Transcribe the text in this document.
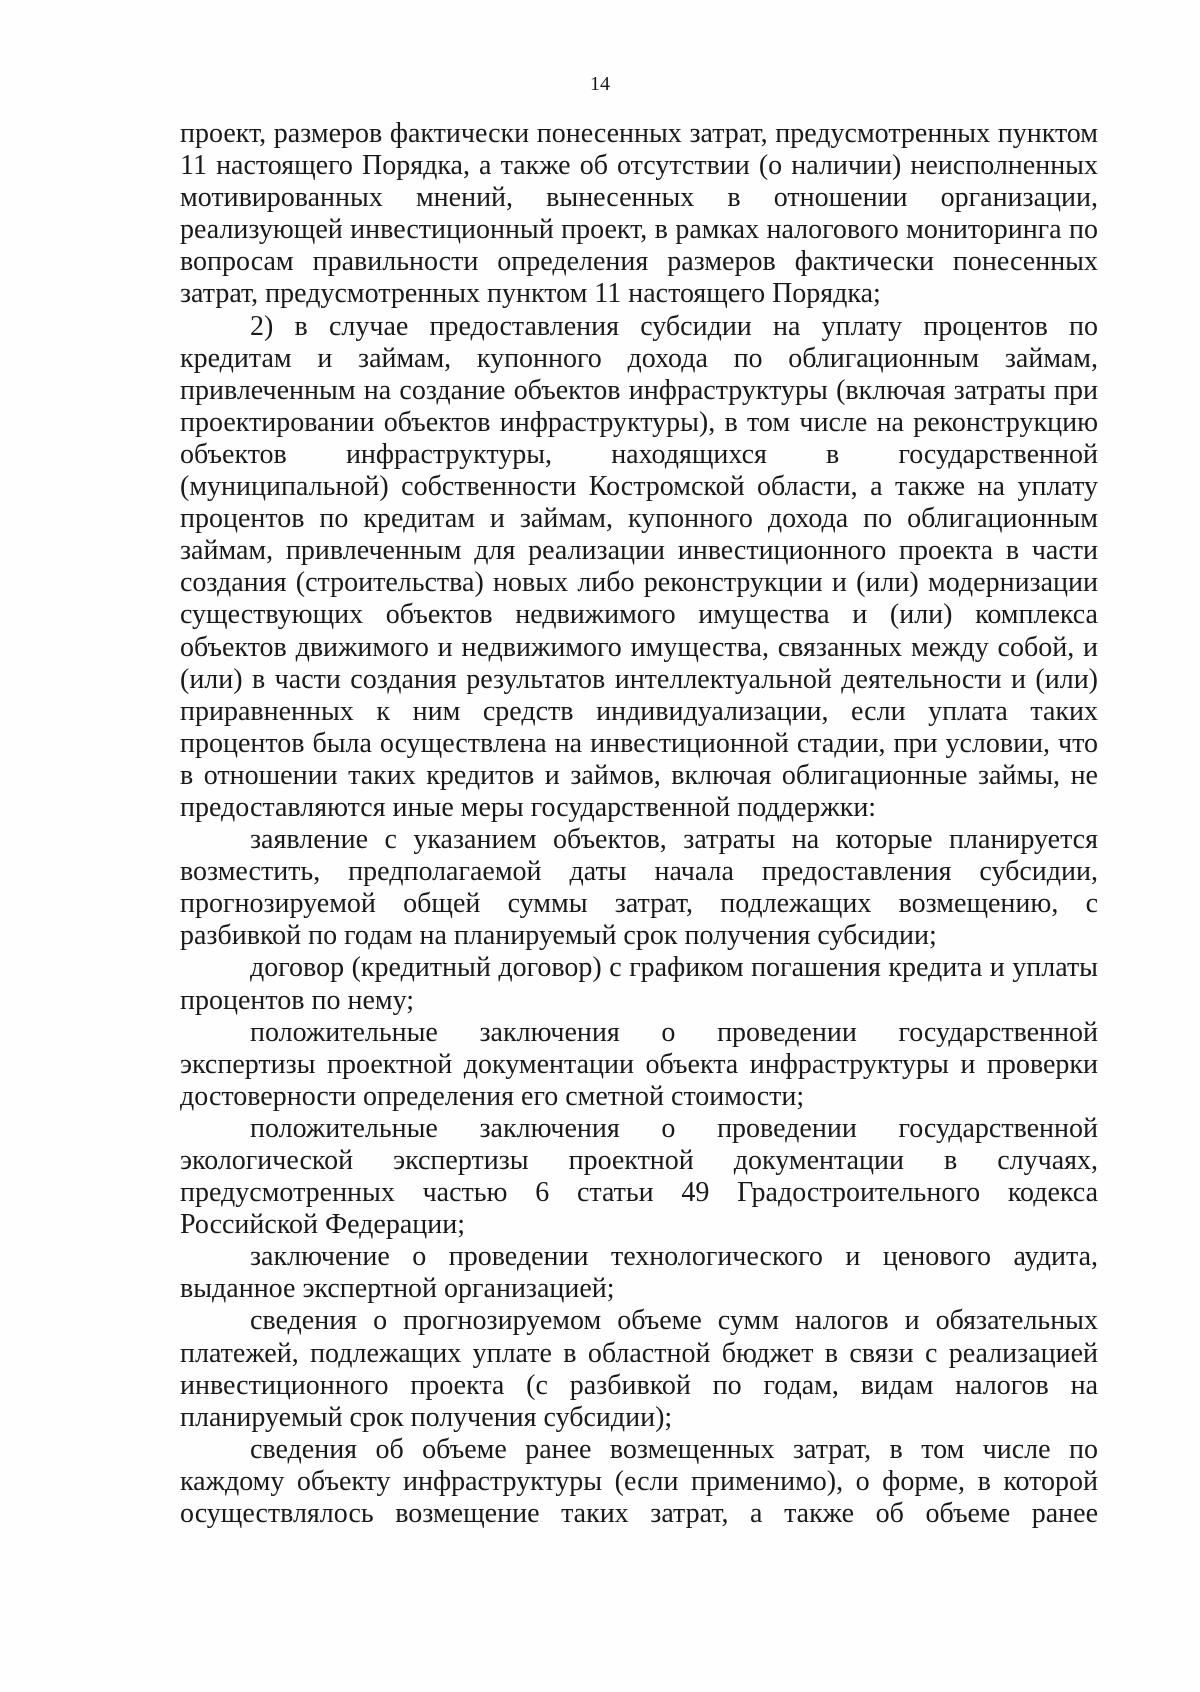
14

проект, размеров фактически понесенных затрат, предусмотренных пунктом 11 настоящего Порядка, а также об отсутствии (о наличии) неисполненных мотивированных мнений, вынесенных в отношении организации, реализующей инвестиционный проект, в рамках налогового мониторинга по вопросам правильности определения размеров фактически понесенных затрат, предусмотренных пунктом 11 настоящего Порядка;

2) в случае предоставления субсидии на уплату процентов по кредитам и займам, купонного дохода по облигационным займам, привлеченным на создание объектов инфраструктуры (включая затраты при проектировании объектов инфраструктуры), в том числе на реконструкцию объектов инфраструктуры, находящихся в государственной (муниципальной) собственности Костромской области, а также на уплату процентов по кредитам и займам, купонного дохода по облигационным займам, привлеченным для реализации инвестиционного проекта в части создания (строительства) новых либо реконструкции и (или) модернизации существующих объектов недвижимого имущества и (или) комплекса объектов движимого и недвижимого имущества, связанных между собой, и (или) в части создания результатов интеллектуальной деятельности и (или) приравненных к ним средств индивидуализации, если уплата таких процентов была осуществлена на инвестиционной стадии, при условии, что в отношении таких кредитов и займов, включая облигационные займы, не предоставляются иные меры государственной поддержки:

заявление с указанием объектов, затраты на которые планируется возместить, предполагаемой даты начала предоставления субсидии, прогнозируемой общей суммы затрат, подлежащих возмещению, с разбивкой по годам на планируемый срок получения субсидии;

договор (кредитный договор) с графиком погашения кредита и уплаты процентов по нему;

положительные заключения о проведении государственной экспертизы проектной документации объекта инфраструктуры и проверки достоверности определения его сметной стоимости;

положительные заключения о проведении государственной экологической экспертизы проектной документации в случаях, предусмотренных частью 6 статьи 49 Градостроительного кодекса Российской Федерации;

заключение о проведении технологического и ценового аудита, выданное экспертной организацией;

сведения о прогнозируемом объеме сумм налогов и обязательных платежей, подлежащих уплате в областной бюджет в связи с реализацией инвестиционного проекта (с разбивкой по годам, видам налогов на планируемый срок получения субсидии);

сведения об объеме ранее возмещенных затрат, в том числе по каждому объекту инфраструктуры (если применимо), о форме, в которой осуществлялось возмещение таких затрат, а также об объеме ранее
